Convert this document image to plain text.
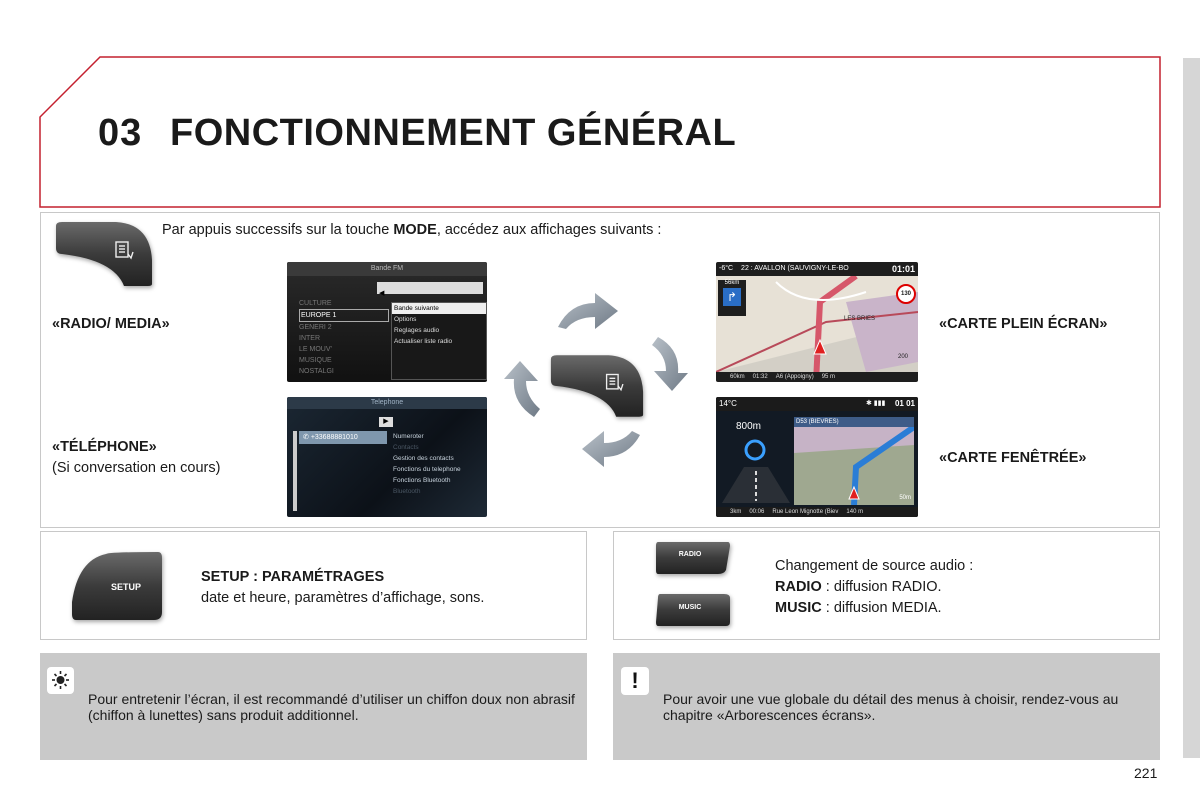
03 FONCTIONNEMENT GÉNÉRAL
Par appuis successifs sur la touche MODE, accédez aux affichages suivants :
«RADIO/ MEDIA»
«TÉLÉPHONE»
(Si conversation en cours)
«CARTE PLEIN ÉCRAN»
«CARTE FENÊTRÉE»
Bande FM
◀
CULTURE
EUROPE 1
GENERI 2
INTER
LE MOUV'
MUSIQUE
NOSTALGI
Bande suivante
Options
Reglages audio
Actualiser liste radio
Telephone
▶
✆ +33688881010	Numeroter
Contacts
Gestion des contacts
Fonctions du telephone
Fonctions Bluetooth
Bluetooth
-6°C 22 : AVALLON (SAUVIGNY-LE-BO	01:01
56km
↱	130
LES BRIES
200
60km 01:32 A6 (Appoigny) 95 m
14°C	✱ ▮▮▮ 01 01
800m	D53 (BIEVRES)
50m
3km 00:06 Rue Leon Mignotte (Biev 140 m
SETUP
SETUP : PARAMÉTRAGES
date et heure, paramètres d’affichage, sons.
RADIO
MUSIC
Changement de source audio :
RADIO : diffusion RADIO.
MUSIC : diffusion MEDIA.
Pour entretenir l’écran, il est recommandé d’utiliser un chiffon doux non abrasif (chiffon à lunettes) sans produit additionnel.
!
Pour avoir une vue globale du détail des menus à choisir, rendez-vous au chapitre «Arborescences écrans».
221
